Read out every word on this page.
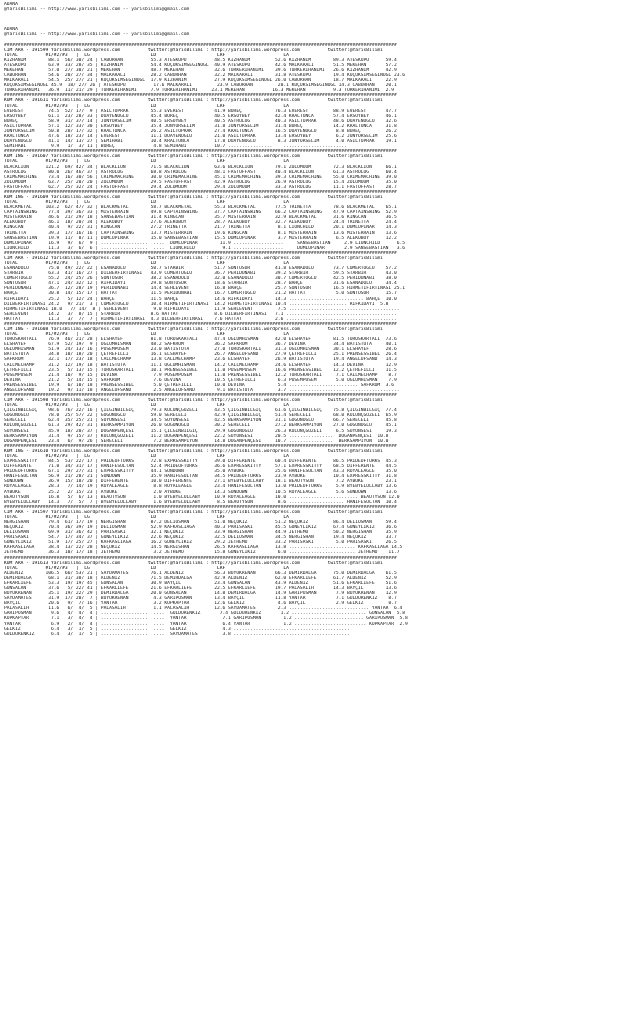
ADANA
@YarisBilimi -- http://www.yarisbilimi.com -- yarisbilimi@gmail.com
ADANA
@YarisBilimi -- http://www.yarisbilimi.com -- yarisbilimi@gmail.com
##############################################################################################################################################
CIM ARA - 191599 YarisBilimi.wordpress.com          twitter:@YarisBilimi : http://yarisbilimi.wordpress.com          twitter:@YarisBilimi
TOTAL          #1/#2/#3   |  LG                      LD                      LRF                     LA
KIZHANIM        88.1  56/ 30/ 24 | CABURHAN          55.3 ATESKÜPÜ          48.5 KIZHANIM         52.6 KIZHANIM        89.3 ATESKÜPÜ      59.4
ATESKÜPÜ        63.9  33/ 28/ 35 | KIZHANIM          54.4 KÜÇÜKSIMSEGINOGL  40.9 ATESKÜPÜ         42.6 MALKARALI       51.5 MEKEHAN       57.2
MEKEHAN         57.0  27/ 30/ 21 | MEKEHAN           48.7 MEKEHAN           32.6 TÜRKERIHANIMI    39.6 TÜRKERIHANIMI   26.6 KIZHANIM      42.9
CABURHAN        54.6  20/ 27/ 34 | MALKARALI         28.2 CABURHAN          32.2 MALKARALI        31.8 ATESKÜPÜ        19.4 KÜÇÜKSIMSEGINOGL 23.6
MALKARALI       54.5  25/ 27/ 21 | KÜÇÜKSIMSEGINOGL  17.9 KIZHANIM          27.9 KÜÇÜKSIMSEGINOGL 26.0 CABURHAN        18.7 MALKARALI     22.9
KÜÇÜKSIMSEGINOGL 45.9  18/ 27/ 26 | ATESKÜPÜ          17.6 MALKARALI         23.9 CABURHAN         20.1 KÜÇÜKSIMSEGINOGL 14.3 CABURHAN    20.1
TÜRKERIHANIMI   36.9  11/ 21/ 29 | TÜRKERIHANIMI     7.9 TÜRKERIHANIMI     23.1 MEKEHAN          16.3 MEKEHAN          9.3 TÜRKERIHANIMI  2.9
##############################################################################################################################################
KUM ARA - 191611 YarisBilimi.wordpress.com          twitter:@YarisBilimi : http://yarisbilimi.wordpress.com          twitter:@YarisBilimi
TOTAL          #1/#2/#3   |  LG                      LD                      LRF                     LA
EVEREST         74.5  52/ 17/  9 | ASILTOPRAK        55.3 EVEREST           41.9 BÜREÇ            76.3 EVEREST         88.9 EVEREST       47.7
ERSOYBEY        61.1  23/ 28/ 33 | DUAYENOGLU        45.4 BÜREÇ             40.5 ERSOYBEY         42.4 KRALTUNCA       57.4 ERSOYBEY      46.1
BÜREÇ           58.9  31/ 37/ 14 | JUNYORSELIM       40.5 ERSOYBEY          40.5 ASTROLOG         40.3 ASILTOPRAK      48.6 DUAYENOGLU    32.6
ASILTOPRAK      57.1  12/ 33/ 30 | ERSOYBEY          35.4 JUNYORSELIM       31.8 JUNYORSELIM      31.4 BÜREÇ           14.2 KRALTUNCA     31.8
JUNYORSELIM     50.8  20/ 17/ 32 | KRALTUNCA         26.2 ASILTOPRAK        27.4 KRALTUNCA        16.5 DUAYENOGLU       8.8 BÜREÇ         26.2
KRALTUNCA       47.6  18/ 23/ 14 | EVEREST           11.1 DUAYENOGLU        21.0 ASILTOPRAK       13.4 ERSOYBEY         6.2 JUNYORSELIM   25.6
DUAYENOGLU      41.1  14/ 13/ 27 | SEMIHABI          10.4 KRALTUNCA         17.8 DUAYENOGLU        8.3 JUNYORSELIM      4.0 ASILTOPRAK    19.1
SEMIHABI         9.9   1/  3/ 11 | BÜREÇ              4.8 SEMIHABI          10.7 ................    .......................
##############################################################################################################################################
KUM ING - 191607 YarisBilimi.wordpress.com          twitter:@YarisBilimi : http://yarisbilimi.wordpress.com          twitter:@YarisBilimi
TOTAL          #1/#2/#3   |  LG                      LD                      LRF                     LA
BLACKLION      121.2  69/ 42/ 34 | BLACKLION         71.5 BLACKLION         63.6 BLACKLION        79.1 ZOLOMUUM        72.3 BLACKLION     66.1
ASTROLOG        80.0  26/ 46/ 37 | ASTROLOG          68.8 ASTROLOG          48.1 FASTOFFAST       40.4 BLACKLION       61.3 ASTROLOG      60.4
CRIMEMACHINE    73.4  16/ 30/ 56 | CRIMEMACHINE      30.0 CRIMEMACHINE      45.1 CRIMEMACHINE     39.3 CRIMEMACHINE    55.0 CRIMEMACHINE  39.0
ZOLOMUUM        63.7  25/ 20/ 20 | ZOLOMUUM          29.5 FASTOFFAST        42.9 ASTROLOG         26.9 ASTROLOG        15.4 ZOLOMUUM      35.0
FASTOFFAST      62.7  25/ 32/ 24 | FASTOFFAST        29.4 ZOLOMUUM          29.4 ZOLOMUUM         33.3 ASTROLOG        11.1 FASTOFFAST    28.7
##############################################################################################################################################
KUM ING - 191609 YarisBilimi.wordpress.com          twitter:@YarisBilimi : http://yarisbilimi.wordpress.com          twitter:@YarisBilimi
TOTAL          #1/#2/#3   |  LG                      LD                      LRF                     LA
BLACKMETAL     103.2  62/ 47/ 32 | BLACKMETAL        58.7 BLACKMETAL        55.3 BLACKMETAL       77.5 TRINETTA        78.6 BLACKMETAL    65.1
CAPTAINSWING    77.4  39/ 36/ 33 | MISTERRAIN        49.8 CAPTAINSWING      37.7 CAPTAINSWING     66.2 CAPTAINSWING    47.9 CAPTAINSWING  52.9
MISTERRAIN      46.6  21/ 29/ 18 | SANSEBASTIAN      31.4 KINGCAN           35.7 MISTERRAIN       32.9 BLACKMETAL      31.6 KINGCAN       36.5
ALEKOBOY        46.1  18/ 20/ 34 | ALEKOBOY          27.6 ALEKOBOY          28.7 ALEKOBOY         32.7 ALEKOBOY        24.4 TRINETTA      24.4
KINGCAN         40.4   9/ 22/ 31 | KINGCAN           27.2 TRINETTA          21.7 TRINETTA          8.1 LIONCHILD       20.1 DUMLUPINAR    14.3
TRINETTA        39.3  17/ 16/ 16 | CAPTAINSWING      13.7 MISTERRAIN        19.6 KINGCAN           8.1 MISTERRAIN      13.6 MISTERRAIN    13.6
SANSEBASTIAN    19.9  11/  8/ 11 | DUMLUPINAR        15.0 SANSEBASTIAN      15.5 DUMLUPINAR        3.7 MISTERRAIN       6.5 ALEKOBOY      12.2
DUMLUPINAR      16.9   9/  6/  9 | .................  ....  DUMLUPINAR        11.9 ..................     SANSEBASTIAN     2.9 LIONCHILD      6.5
LIONCHILD       11.3   3/  6/  6 | .................  ....  LIONCHILD          9.1 ..................     DUMLUPINAR       2.9 SANSEBASTIAN   3.6
##############################################################################################################################################
CIM ARA - 191612 YarisBilimi.wordpress.com          twitter:@YarisBilimi : http://yarisbilimi.wordpress.com          twitter:@YarisBilimi
TOTAL          #1/#2/#3   |  LG                      LD                      LRF                     LA
ESANADOLU       75.0  49/ 22/ 22 | ESANADOLU         50.7 STARBIR           51.7 SONTOSUR         41.8 ESANADOLU       73.7 CÖMERTOGLU    57.2
STARBIR         63.3  41/ 16/ 27 | DILBERFIRTINASI   43.9 CÖMERTOGLU        36.7 PERIDUNABI       39.2 STARBIR         59.5 STARBIR       43.0
CÖMERTOGLU      55.2  24/ 25/ 26 | SONTOSUR          38.2 ESANADOLU         32.0 ESANADOLU        30.7 CÖMERTOGLU      42.5 PERIDUNABI    38.0
SONTOSUR        47.1  24/ 32/ 12 | RIFKIDAYI         29.8 SONTOSUR          18.6 STARBIR          28.7 BAHÇE           31.6 ESANADOLU     34.4
PERIDUNABI      36.7  12/ 28/ 19 | PERIDUNABI        14.4 SEHLEVENT         16.8 BAHÇE            25.7 SONTOSUR        16.5 HIRMETIFIRTINASI 25.1
BAHÇE           30.8  14/ 15/ 17 | HATTAT            11.5 PERIDUNABI        16.7 CÖMERTOGLU       21.2 HATTAT           5.0 SONTOSUR      15.7
RIFKIDAYI       25.2   5/ 12/ 24 | BAHÇE             11.5 BAHÇE             14.6 RIFKIDAYI        14.3 ........................... BAHÇE  10.0
DILBERFIRTINASI 24.2   9/ 21/  3 | CÖMERTOGLU        10.4 HIRMETIFIRTINASI  14.2 HIRMETIFIRTINASI 10.4 ..................... RIFKIDAYI  5.8
HIRMETIFIRTINASI 18.0   7/ 14/  8 | SEHLEVENT         9.0 RIFKIDAYI         11.9 SEHLEVENT         7.5 ........................................
SEHLEVENT       14.2   3/  8/ 15 | STARBIR           8.6 HATTAT             8.6 DILBERFIRTINASI   7.1 ........................................
HATTAT          11.3   3/  7/  7 | HIRMETIFIRTINASI  4.3 DILBERFIRTINASI    7.6 HATTAT            2.6 ........................................
##############################################################################################################################################
CIM ING - 191608 YarisBilimi.wordpress.com          twitter:@YarisBilimi : http://yarisbilimi.wordpress.com          twitter:@YarisBilimi
TOTAL          #1/#2/#3   |  LG                      LD                      LRF                     LA
TOROSKARTALI    76.9  46/ 21/ 28 | ELSHAYEF          81.8 TOROSKARTALI      47.4 OGLUMHISMAN      42.0 ELSHAYEF        81.5 TOROSKARTALI  73.6
ELSHAYEF        67.9  52/ 19/  9 | OGLUMHISMAN       48.2 SAFKROM           36.2 SAFKROM          36.7 DEVINA          34.4 BATISTUTA     40.1
OGLUMHISMAN     51.9  24/ 13/ 16 | PÜSEMPÜSEM        23.0 BATISTUTA         27.0 TOROSKARTALI     31.3 OGLUMHISMAN     30.1 ELSHAYEF      28.6
BATISTUTA       34.8  10/ 18/ 20 | ÇETREFILLI        16.1 ELSHAYEF          26.7 ANGELOFSAND      27.9 ÇETREFILLI      25.1 PRENSESSIBEL  26.4
SAFKROM         32.1  17/ 23/ 18 | CALLMECHAMP       13.8 CALLMECHAMP       23.6 ELSHAYEF         26.9 BATISTUTA       19.4 ANGELOFSAND   14.3
CALLMECHAMP     31.2  12/ 19/ 18 | BATISTUTA         11.1 OGLUMHISMAN       14.2 CALLMECHAMP      24.6 ELSHAYEF        14.3 DEVINA        12.9
ÇETREFILLI      23.5   5/ 13/ 15 | TOROSKARTALI      10.1 PRENSESSIBEL      11.0 PÜSEMPÜSEM       16.6 PRENSESSIBEL    12.2 ÇETREFILLI    11.5
PÜSEMPÜSEM      21.4  10/  9/ 15 | DEVINA             7.9 PÜSEMPÜSEM        11.0 PRENSESSIBEL     12.2 TOROSKARTALI     7.1 CALLMECHAMP    8.7
DEVINA          21.2   5/ 14/ 15 | SAFKROM            7.6 DEVINA            10.5 ÇETREFILLI        6.3 PÜSEMPÜSEM       5.0 OGLUMHISMAN    7.9
PRENSESSIBEL    19.9   6/ 10/ 18 | PRENSESSIBEL       5.0 ÇETREFILLI        10.0 DEVINA            5.4 ......................... SAFKROM  3.6
ANGELOFSAND     19.2   9/ 11/ 18 | ANGELOFSAND        2.5 ANGELOFSAND        9.1 BATISTUTA         3.7 ........................................
##############################################################################################################################################
CIM ARA - 191598 YarisBilimi.wordpress.com          twitter:@YarisBilimi : http://yarisbilimi.wordpress.com          twitter:@YarisBilimi
TOTAL          #1/#2/#3   |  LG                      LD                      LRF                     LA
ÇILGINBILGIÇ    98.6  76/ 22/ 16 | ÇILGINBILGIÇ      79.3 KÜLÜNÇGÜZELI      43.5 ÇILGINBILGIÇ     61.6 ÇILGINBILGIÇ    75.8 ÇILGINBILGIÇ  77.4
GÖGÜNOGLU       78.0  25/ 57/ 22 | GÖGÜNOGLU         59.0 SERECELI          42.9 ÇILGINBILGIÇ     51.4 SERECELI        68.0 KÜLÜNÇGÜZELI  65.9
SERECELI        62.4  35/ 25/ 21 | SUYUNSESI         34.5 SUYUNSESI         42.5 BERKSAMPIYON     31.1 GÖGÜNOGLU       66.7 SERECELI      45.8
KÜLÜNÇGÜZELI    61.3  29/ 42/ 31 | BERKSAMPIYON      26.0 GÖGÜNOGLU         30.2 SERECELI         27.2 BERKSAMPIYON    27.0 GÖGÜNOGLU     45.1
SUYUNSESI       45.9  18/ 20/ 37 | DOGANPENÇESI      15.1 ÇILGINBILGIÇ      29.9 GÖGÜNOGLU        26.3 KÜLÜNÇGÜZELI     6.5 SUYUNSESI     19.3
BERKSAMPIYON    31.4   9/ 15/ 37 | KÜLÜNÇGÜZELI      11.2 DOGANPENÇESI      22.2 SUYUNSESI        20.5 ................  DOGANPENÇESI  10.8
DOGANPENÇESI    23.4   6/  9/ 26 | SERECELI           7.2 BERKSAMPIYON      14.8 DOGANPENÇESI     10.7 ................  BERKSAMPIYON  10.0
##############################################################################################################################################
KUM ING - 191610 YarisBilimi.wordpress.com          twitter:@YarisBilimi : http://yarisbilimi.wordpress.com          twitter:@YarisBilimi
TOTAL          #1/#2/#3   |  LG                      LD                      LRF                     LA
EXPRESSKITTY    84.5  53/ 22/ 17 | PRIDEOFTURKS      72.8 EXPRESSKITTY      39.0 DIFFERENTE       60.4 DIFFERENTE      86.5 PRIDEOFTURKS  45.3
DIFFERENTE      71.0  34/ 31/ 17 | HANIFESULTAN      52.4 PRIDEOFTURKS      36.6 EXPRESSKITTY     57.1 EXPRESSKITTY    68.5 DIFFERENTE    44.5
PRIDEOFTURKS    67.1  29/ 27/ 31 | EXPRESSKITTY      44.1 SUNDOWN           35.0 AYBÜKE           25.6 HANIFESULTAN    43.3 ROYALEAGLE    35.0
HANIFESULTAN    56.9  21/ 28/ 21 | SUNDOWN           35.9 HANIFESULTAN      34.5 PRIDEOFTURKS     23.9 AYBÜKE          10.4 EXPRESSKITTY  31.8
SUNDOWN         36.9  15/ 18/ 20 | DIFFERENTE        10.0 DIFFERENTE        27.1 BYEBYELULLABY    18.1 BEAUTYSUN        7.2 AYBÜKE        23.1
ROYALEAGLE      28.3   7/ 14/ 19 | ROYALEAGLE         8.8 ROYALEAGLE        23.4 HANIFESULTAN     13.0 PRIDEOFTURKS     5.9 BYEBYELULLABY 13.6
AYBÜKE          25.2   2/ 15/ 23 | AYBÜKE             2.0 AYBÜKE            14.3 SUNDOWN          10.5 ROYALEAGLE       5.6 SUNDOWN       13.6
BEAUTYSUN       16.8   5/  6/ 13 | BEAUTYSUN          1.0 BYEBYELULLABY     10.9 ROYALEAGLE       10.0 ......................... BEAUTYSUN 12.0
BYEBYELULLABY   14.3   7/  5/  7 | BYEBYELULLABY      1.6 BYEBYELULLABY      8.5 BEAUTYSUN         8.6 .................... HANIFESULTAN  10.4
##############################################################################################################################################
CIM ARA - 191597 YarisBilimi.wordpress.com          twitter:@YarisBilimi : http://yarisbilimi.wordpress.com          twitter:@YarisBilimi
TOTAL          #1/#2/#3   |  LG                      LD                      LRF                     LA
NERGISHAN       79.4  61/ 17/ 19 | NERGISHAN         87.2 DELIOSMAN         51.0 NEÇUKIZ          51.2 NEÇUKIZ         86.4 DELIOSMAN     59.4
NEÇUKIZ         70.4  36/ 39/ 19 | DELIOSMAN         52.9 KAFKASLIAGA       40.3 PARISASKI        45.5 GÜNEYLIKIZ      67.4 GÜNEYLIKIZ    36.6
DELIOSMAN       69.9  31/ 36/ 42 | PARISASKI         32.1 NEÇUKIZ           33.9 NERGISHAN        44.9 JETHEMO         50.2 NERGISHAN     35.9
PARISASKI       54.7  17/ 34/ 37 | GÜNEYLIKIZ        22.6 NEÇUKIZ           32.5 DELIOSMAN        34.5 NERGISHAN       19.4 NEÇUKIZ       33.7
GÜNEYLIKIZ      51.9  17/ 25/ 27 | KAFKASLIAGA       16.2 GÜNEYLIKIZ        29.2 JETHEMO          33.2 PARISASKI        5.0 PARISASKI     26.5
KAFKASLIAGA     38.4  13/ 22/ 28 | NEÇUKIZ           14.5 NERGISHAN         26.5 KAFKASLIAGA      13.8 ........................ KAFKASLIAGA 14.5
JETHEMO         36.3  10/ 17/ 18 | JETHEMO            3.2 JETHEMO           15.8 GÜNEYLIKIZ        6.0 ........................ JETHEMO    11.7
##############################################################################################################################################
KUM ARA - 191613 YarisBilimi.wordpress.com          twitter:@YarisBilimi : http://yarisbilimi.wordpress.com          twitter:@YarisBilimi
TOTAL          #1/#2/#3   |  LG                      LD                      LRF                     LA
ALDENIZ        106.5  66/ 53/ 21 | SAYDAMATES        76.1 ALDENIZ           56.3 BÜYÜKRENAN       66.3 DEMIRDALGA      75.0 DEMIRDALGA    61.5
DEMIRDALGA      68.1  31/ 38/ 18 | ALDENIZ           71.5 DEMIRDALGA        42.9 ALDENIZ          62.0 EFKARLIEFE      61.7 ALDENIZ       52.9
EFKARLIEFE      53.3  19/ 19/ 45 | GÜNSALAN          30.9 BAYÇIL            23.4 GÜNSALAN         43.9 ALDENIZ         51.6 EFKARLIEFE    51.6
GÜNSALAN        37.6   5/ 22/ 41 | EFKARLIEFE        21.6 EFKARLIEFE        22.5 EFKARLIEFE       19.7 PALASALIH       14.3 BAYÇIL        13.6
BÜYÜKRENAN      35.1  19/ 22/ 29 | DEMIRDALGA        20.0 GÜNSALAN          14.8 DEMIRDALGA       14.9 GARIPOSMAN       7.9 BÜYÜKRENAN    12.9
SAYDAMATES      31.9  17/ 20/  7 | BÜYÜKRENAN         4.3 GARIPOSMAN        13.4 BAYÇIL           11.8 YANTAR           7.1 GÜLDÜRENKIZ    8.7
BAYÇIL          20.6   9/  7/ 16 | YANTAR             3.2 KOPKAPTAR         12.6 GELKIZ            4.6 BAYÇIL           2.9 GELKIZ         8.7
PALASALIH       11.6   6/  4/  5 | PALASALIH          1.1 PALASALIH         12.6 SAYDAMATES        2.3 ............................. YANTAR  6.4
GARIPOSMAN       9.6   4/  4/  4 | .................  ....  GÜLDÜRENKIZ       7.4 GÜLDÜRENKIZ       1.2 ........................... GÜNSALAN  5.8
KOPKAPTAR        7.1   3/  4/  4 | .................  ....  YANTAR             7.1 GARIPOSMAN        1.2 ......................... GARIPOSMAN  5.8
YANTAR           6.9   2/  4/  4 | .................  ....  YANTAR             6.4 YANTAR            1.2 .......................... KOPKAPTAR  2.9
GELKIZ           6.4   3/  1/  5 | .................  ....  GELKIZ             4.3 ..........................................
GÜLDÜRENKIZ      6.4   3/  1/  5 | .................  ....  SAYDAMATES         3.8 ..........................................
